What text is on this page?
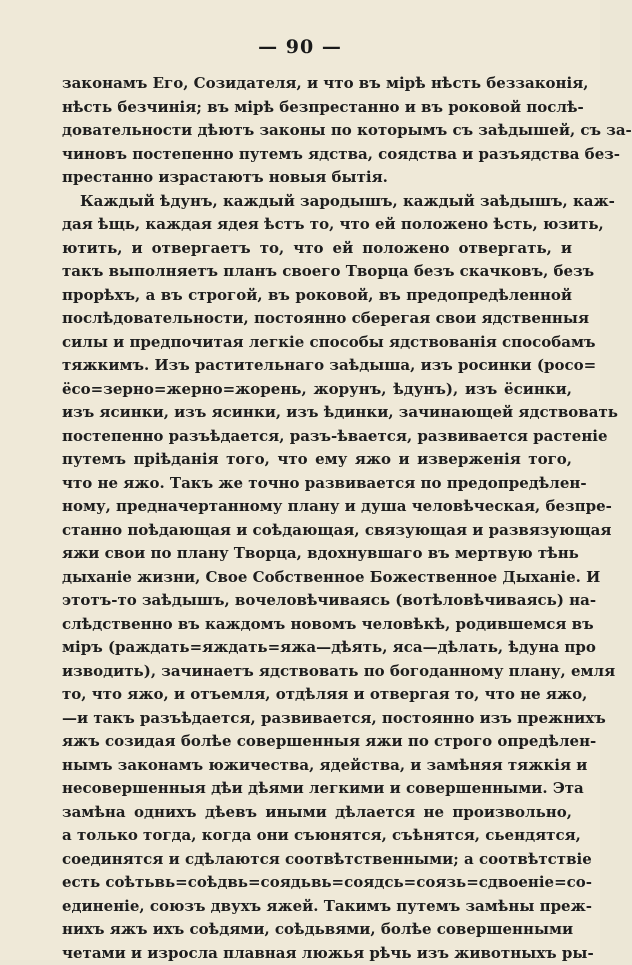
— 90 —
законамъ Его, Созидателя, и что въ мірѣ нѣсть беззаконія,
нѣсть безчинія; въ мірѣ безпрестанно и въ роковой послѣ-
довательности дѣютъ законы по которымъ съ заѣдышей, съ за-
чиновъ постепенно путемъ ядства, сoядства и разъядства без-
престанно израстаютъ новыя бытія.
Каждый ѣдунъ, каждый зародышъ, каждый заѣдышъ, каж-
дая ѣщь, каждая ядея ѣстъ то, что ей положено ѣсть, юзить,
ютить, и отвергаетъ то, что ей положено отвергать, и
такъ выполняетъ планъ своего Творца безъ скачковъ, безъ
прорѣхъ, а въ строгой, въ роковой, въ предопредѣленной
послѣдовательности, постоянно сберегая свои ядственныя
силы и предпочитая легкіе способы ядствованія способамъ
тяжкимъ. Изъ растительнаго заѣдыша, изъ росинки (росо=
ёсо=зерно=жерно=жорень, жорунъ, ѣдунъ), изъ ёсинки,
изъ ясинки, изъ ясинки, изъ ѣдинки, зачинающей ядствовать
постепенно разъѣдается, разъ-ѣвается, развивается растеніе
путемъ пріѣданія того, что ему яжо и изверженія того,
что не яжо. Такъ же точно развивается по предопредѣлен-
ному, предначертанному плану и душа человѣческая, безпре-
станно поѣдающая и соѣдающая, связующая и развязующая
яжи свои по плану Творца, вдохнувшаго въ мертвую тѣнь
дыханіе жизни, Свое Собственное Божественное Дыханіе. И
этотъ-то заѣдышъ, вочеловѣчиваясь (вотѣловѣчиваясь) на-
слѣдственно въ каждомъ новомъ человѣкѣ, родившемся въ
міръ (раждать=яждать=яжа—дѣять, яса—дѣлать, ѣдуна про
изводить), зачинаетъ ядствовать по богоданному плану, емля
то, что яжо, и отъемля, отдѣляя и отвергая то, что не яжо,
—и такъ разъѣдается, развивается, постоянно изъ прежнихъ
яжъ созидая болѣе совершенныя яжи по строго опредѣлен-
нымъ законамъ южичества, ядейства, и замѣняя тяжкія и
несовершенныя дѣи дѣями легкими и совершенными. Эта
замѣна однихъ дѣевъ иными дѣлается не произвольно,
а только тогда, когда они съюнятся, съѣнятся, сьендятся,
соединятся и сдѣлаются соотвѣтственными; а соотвѣтствіе
есть соѣтьвь=соѣдвь=соядьвь=соядсь=соязь=сдвоеніе=со-
единеніе, союзъ двухъ яжей. Такимъ путемъ замѣны преж-
нихъ яжъ ихъ соѣдями, соѣдьвями, болѣе совершенными
четами и изросла плавная люжья рѣчь изъ животныхъ ры-
